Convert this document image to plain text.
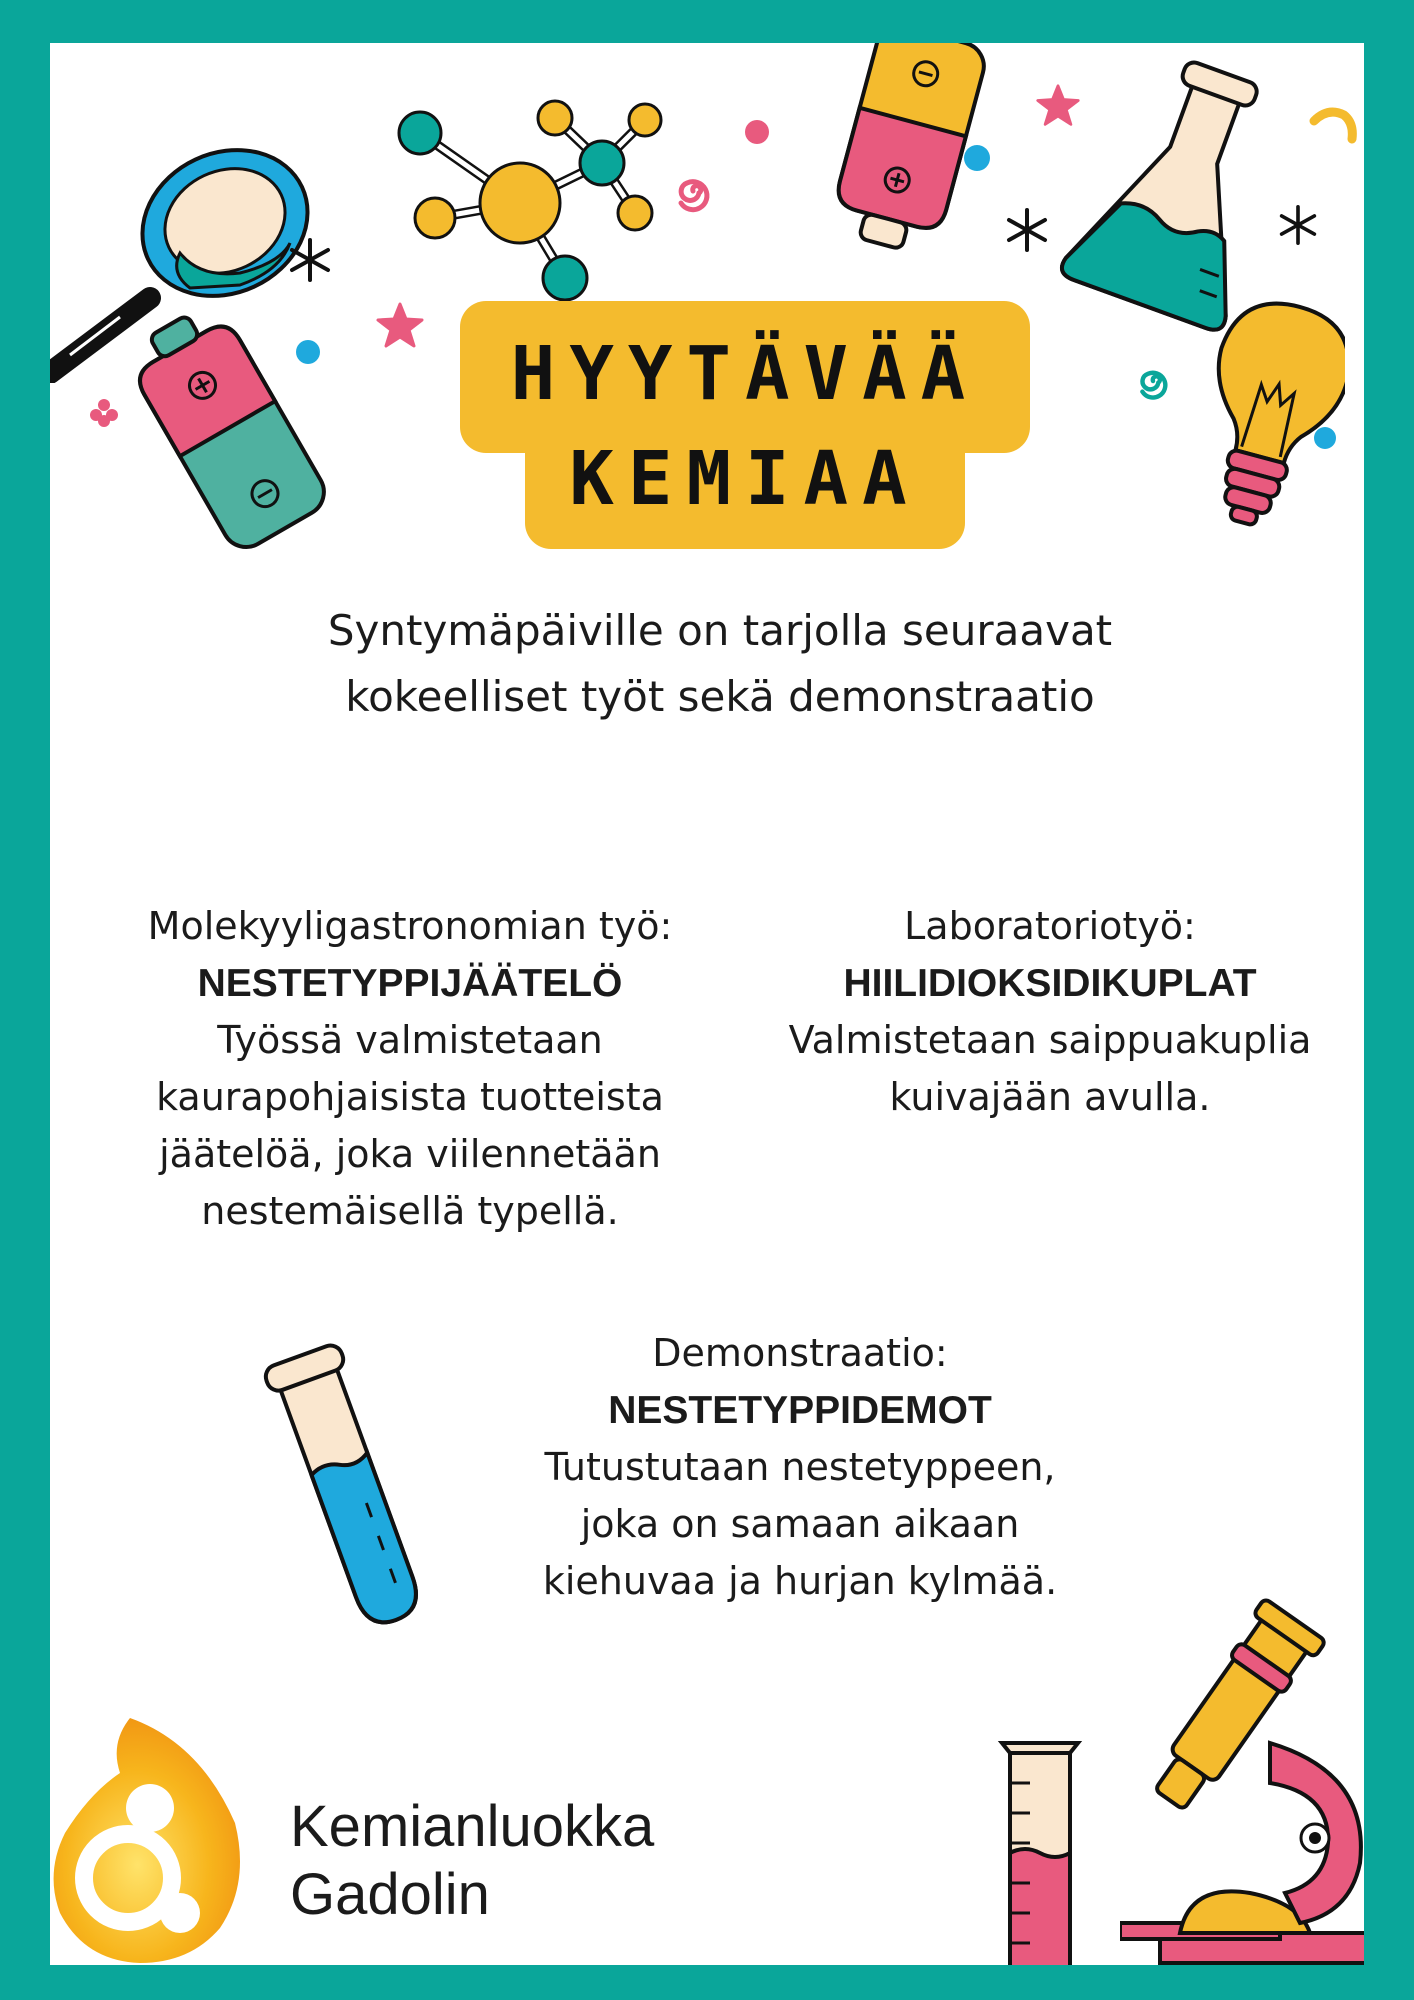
HYYTÄVÄÄ
KEMIAA
Syntymäpäiville on tarjolla seuraavat
kokeelliset työt sekä demonstraatio
Molekyyligastronomian työ:
NESTETYPPIJÄÄTELÖ
Työssä valmistetaan
kaurapohjaisista tuotteista
jäätelöä, joka viilennetään
nestemäisellä typellä.
Laboratoriotyö:
HIILIDIOKSIDIKUPLAT
Valmistetaan saippuakuplia
kuivajään avulla.
Demonstraatio:
NESTETYPPIDEMOT
Tutustutaan nestetyppeen,
joka on samaan aikaan
kiehuvaa ja hurjan kylmää.
Kemianluokka
Gadolin
